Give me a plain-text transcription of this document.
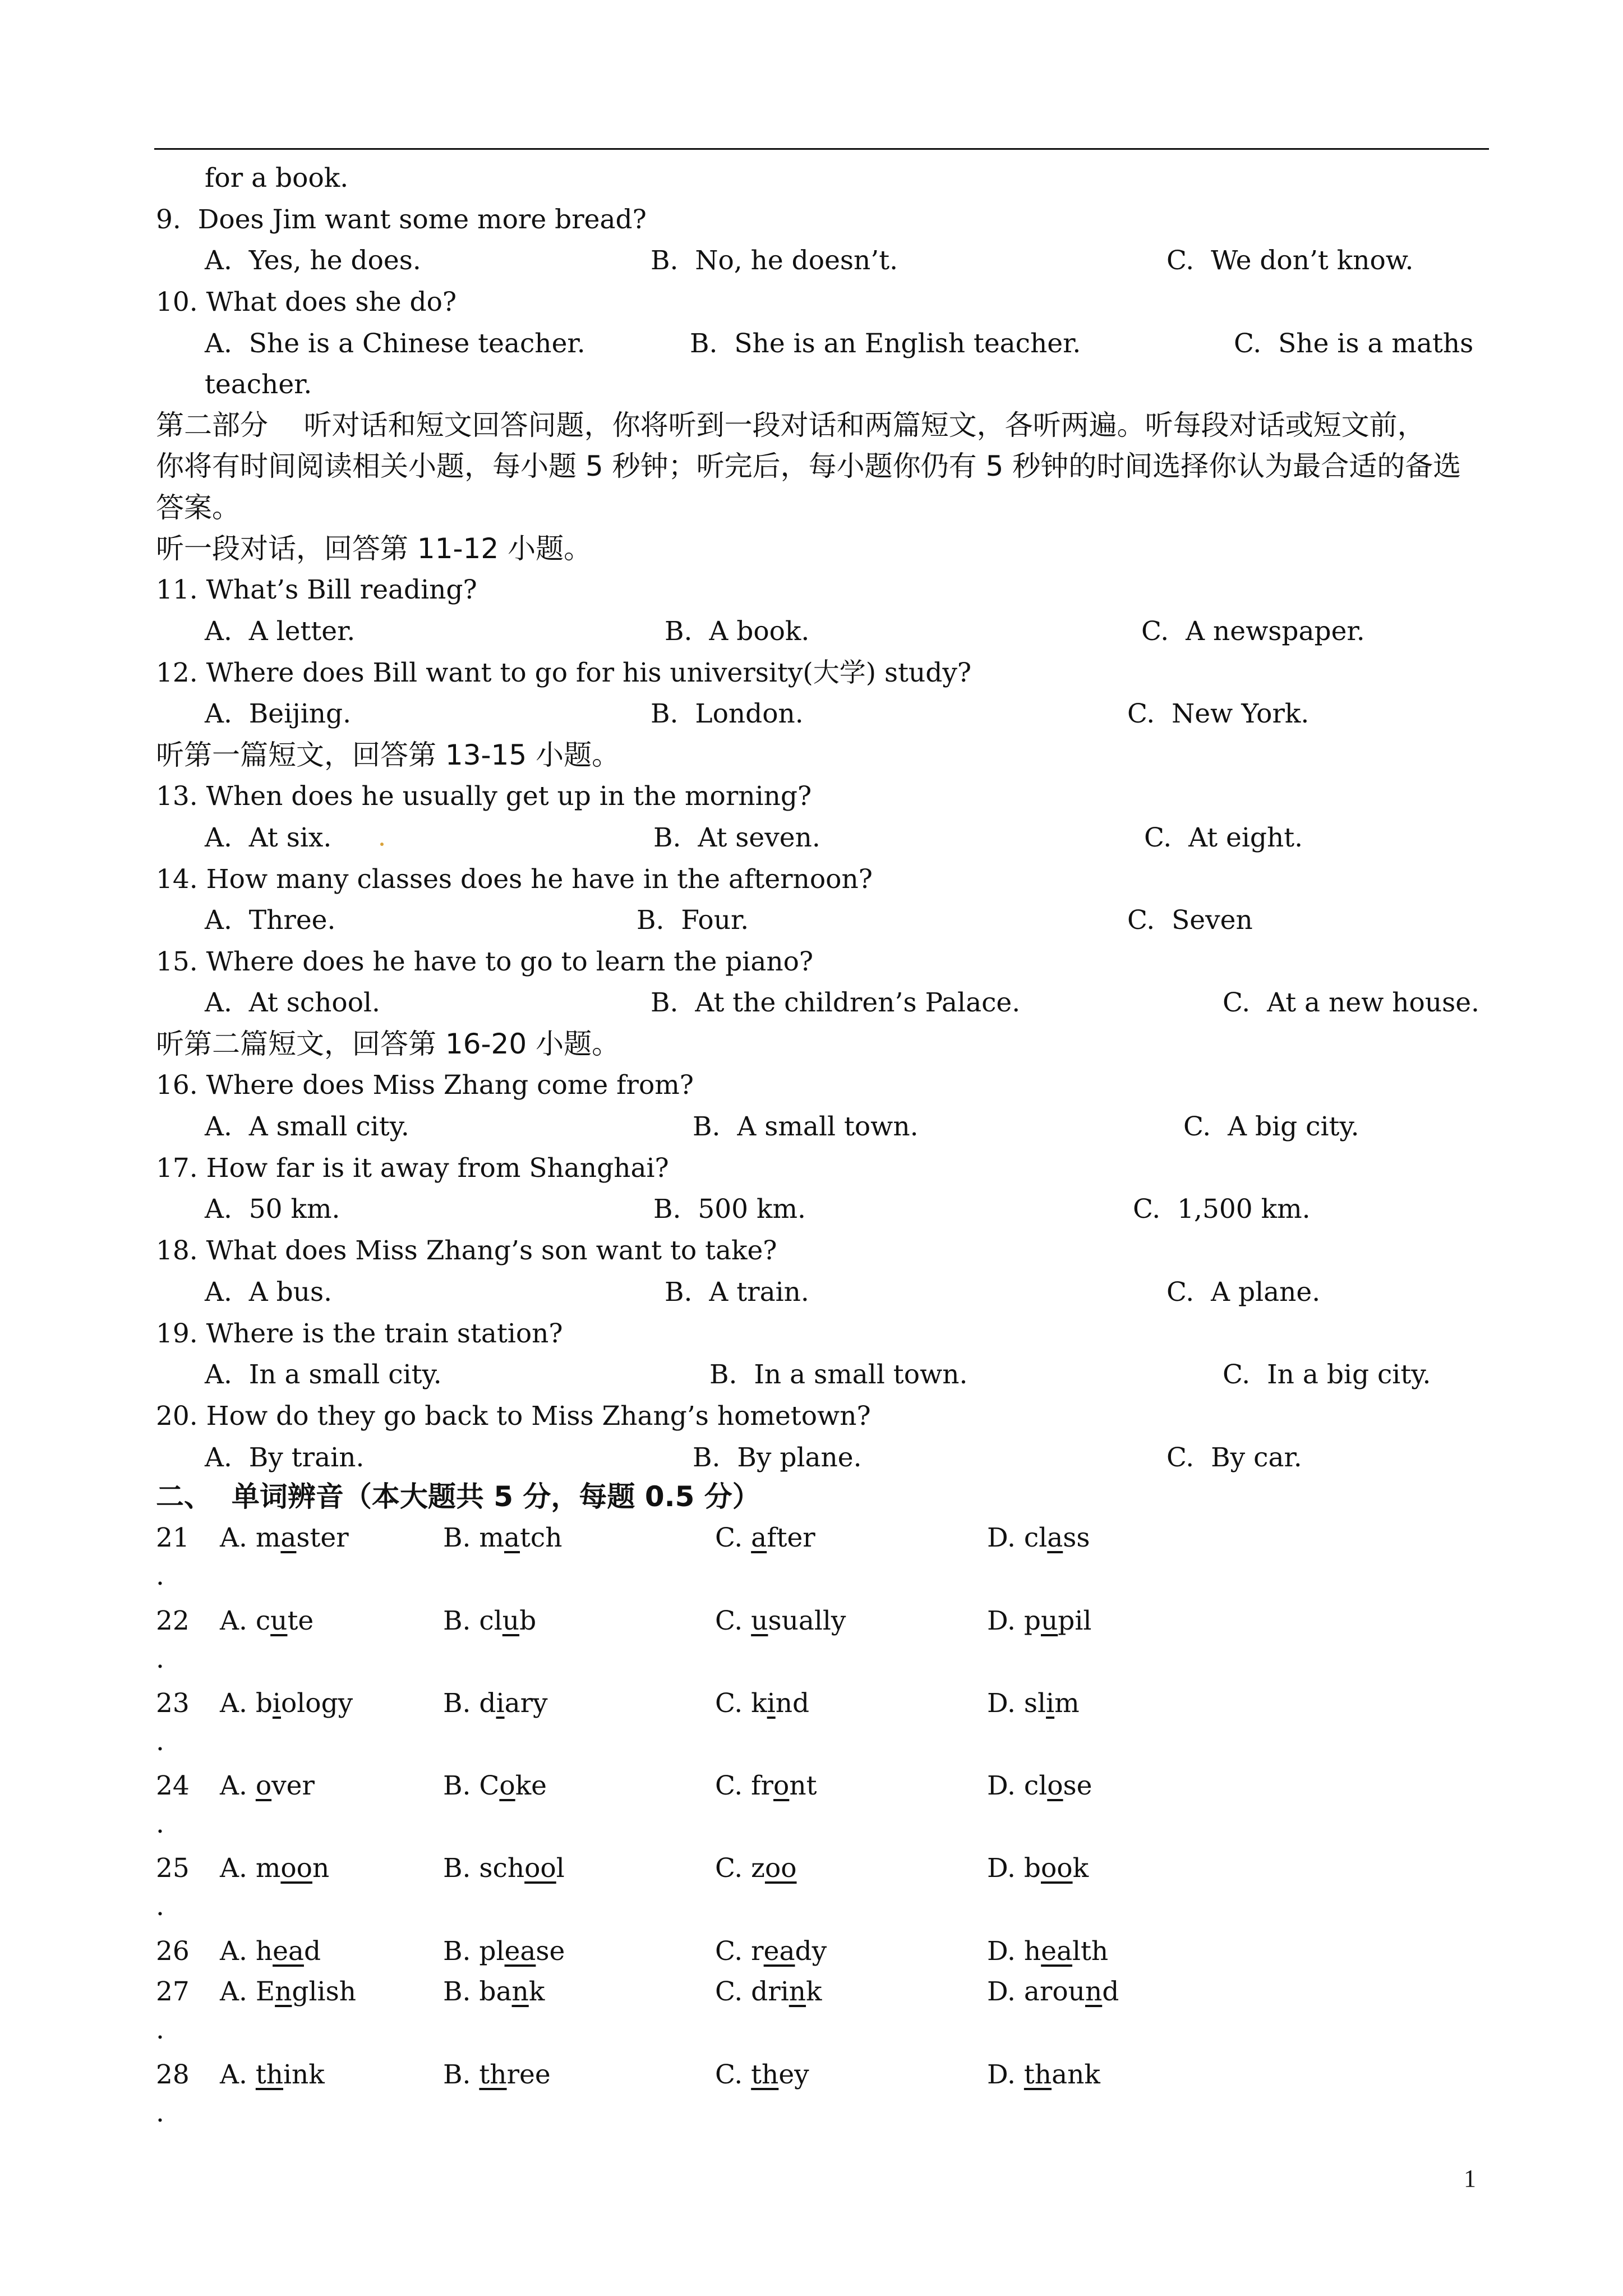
for a book.
9.  Does Jim want some more bread?
A.  Yes, he does.	B.  No, he doesn’t.	C.  We don’t know.
10. What does she do?
A.  She is a Chinese teacher.	B.  She is an English teacher.	C.  She is a maths
teacher.
第二部分    听对话和短文回答问题，你将听到一段对话和两篇短文，各听两遍。听每段对话或短文前，
你将有时间阅读相关小题，每小题 5 秒钟；听完后，每小题你仍有 5 秒钟的时间选择你认为最合适的备选
答案。
听一段对话，回答第 11-12 小题。
11. What’s Bill reading?
A.  A letter.	B.  A book.	C.  A newspaper.
12. Where does Bill want to go for his university(大学) study?
A.  Beijing.	B.  London.	C.  New York.
听第一篇短文，回答第 13-15 小题。
13. When does he usually get up in the morning?
A.  At six.	B.  At seven.	C.  At eight.
14. How many classes does he have in the afternoon?
A.  Three.	B.  Four.	C.  Seven
15. Where does he have to go to learn the piano?
A.  At school.	B.  At the children’s Palace.	C.  At a new house.
听第二篇短文，回答第 16-20 小题。
16. Where does Miss Zhang come from?
A.  A small city.	B.  A small town.	C.  A big city.
17. How far is it away from Shanghai?
A.  50 km.	B.  500 km.	C.  1,500 km.
18. What does Miss Zhang’s son want to take?
A.  A bus.	B.  A train.	C.  A plane.
19. Where is the train station?
A.  In a small city.	B.  In a small town.	C.  In a big city.
20. How do they go back to Miss Zhang’s hometown?
A.  By train.	B.  By plane.	C.  By car.
二、  单词辨音（本大题共 5 分，每题 0.5 分）
21 A. master	B. match	C. after	D. class
.
22 A. cute	B. club	C. usually	D. pupil
.
23 A. biology	B. diary	C. kind	D. slim
.
24 A. over	B. Coke	C. front	D. close
.
25 A. moon	B. school	C. zoo	D. book
.
26 A. head	B. please	C. ready	D. health
27 A. English	B. bank	C. drink	D. around
.
28 A. think	B. three	C. they	D. thank
.
1
